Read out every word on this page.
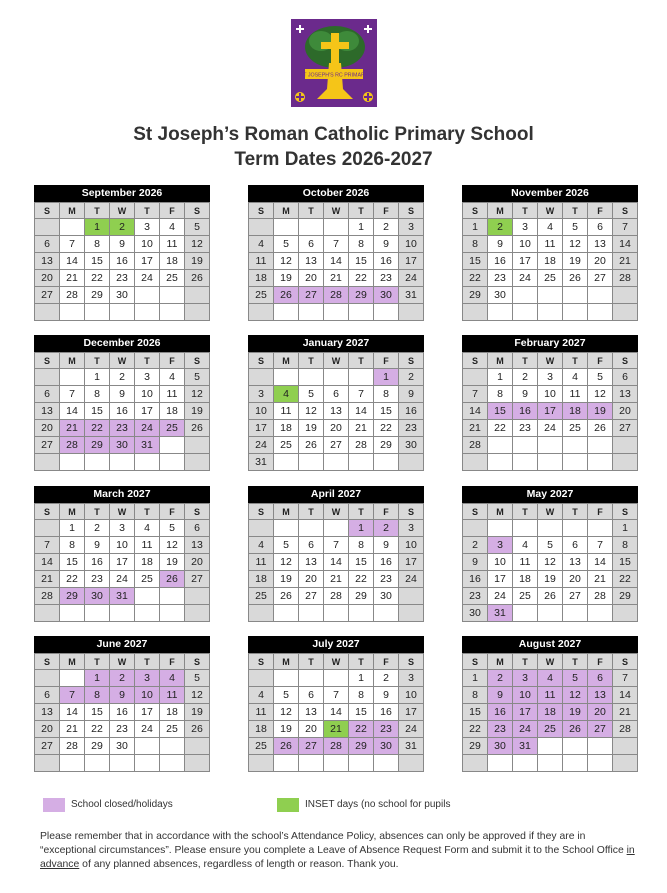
ST JOSEPH'S RC PRIMARY
St Joseph’s Roman Catholic Primary School
Term Dates 2026-2027
September 2026
S	M	T	W	T	F	S
		1	2	3	4	5
6	7	8	9	10	11	12
13	14	15	16	17	18	19
20	21	22	23	24	25	26
27	28	29	30			

October 2026
S	M	T	W	T	F	S
				1	2	3
4	5	6	7	8	9	10
11	12	13	14	15	16	17
18	19	20	21	22	23	24
25	26	27	28	29	30	31

November 2026
S	M	T	W	T	F	S
1	2	3	4	5	6	7
8	9	10	11	12	13	14
15	16	17	18	19	20	21
22	23	24	25	26	27	28
29	30					

December 2026
S	M	T	W	T	F	S
		1	2	3	4	5
6	7	8	9	10	11	12
13	14	15	16	17	18	19
20	21	22	23	24	25	26
27	28	29	30	31		

January 2027
S	M	T	W	T	F	S
					1	2
3	4	5	6	7	8	9
10	11	12	13	14	15	16
17	18	19	20	21	22	23
24	25	26	27	28	29	30
31						
February 2027
S	M	T	W	T	F	S
	1	2	3	4	5	6
7	8	9	10	11	12	13
14	15	16	17	18	19	20
21	22	23	24	25	26	27
28						

March 2027
S	M	T	W	T	F	S
	1	2	3	4	5	6
7	8	9	10	11	12	13
14	15	16	17	18	19	20
21	22	23	24	25	26	27
28	29	30	31			

April 2027
S	M	T	W	T	F	S
				1	2	3
4	5	6	7	8	9	10
11	12	13	14	15	16	17
18	19	20	21	22	23	24
25	26	27	28	29	30	

May 2027
S	M	T	W	T	F	S
						1
2	3	4	5	6	7	8
9	10	11	12	13	14	15
16	17	18	19	20	21	22
23	24	25	26	27	28	29
30	31					
June 2027
S	M	T	W	T	F	S
		1	2	3	4	5
6	7	8	9	10	11	12
13	14	15	16	17	18	19
20	21	22	23	24	25	26
27	28	29	30			

July 2027
S	M	T	W	T	F	S
				1	2	3
4	5	6	7	8	9	10
11	12	13	14	15	16	17
18	19	20	21	22	23	24
25	26	27	28	29	30	31

August 2027
S	M	T	W	T	F	S
1	2	3	4	5	6	7
8	9	10	11	12	13	14
15	16	17	18	19	20	21
22	23	24	25	26	27	28
29	30	31				

School closed/holidays	INSET days (no school for pupils
Please remember that in accordance with the school’s Attendance Policy, absences can only be approved if they are in “exceptional circumstances”. Please ensure you complete a Leave of Absence Request Form and submit it to the School Office in advance of any planned absences, regardless of length or reason. Thank you.
